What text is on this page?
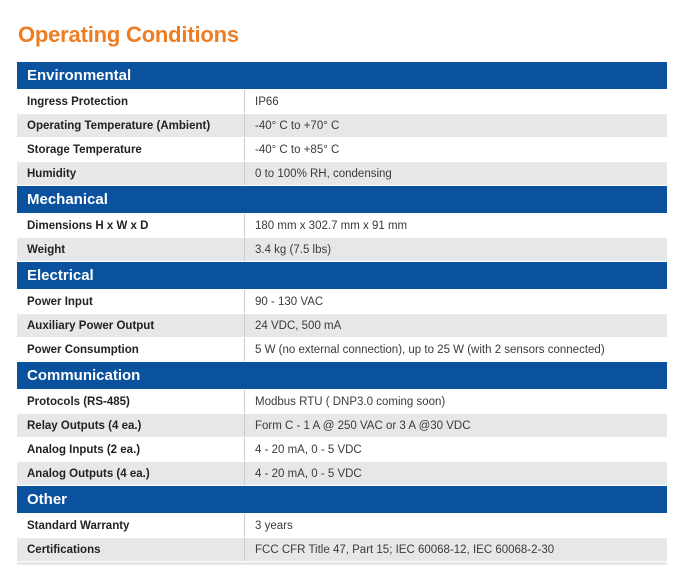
Operating Conditions
Environmental
Ingress Protection	IP66
Operating Temperature (Ambient)	-40° C to +70° C
Storage Temperature	-40° C to +85° C
Humidity	0 to 100% RH, condensing
Mechanical
Dimensions H x W x D	180 mm x 302.7 mm x 91 mm
Weight	3.4 kg (7.5 lbs)
Electrical
Power Input	90 - 130 VAC
Auxiliary Power Output	24 VDC, 500 mA
Power Consumption	5 W (no external connection), up to 25 W (with 2 sensors connected)
Communication
Protocols (RS-485)	Modbus RTU ( DNP3.0 coming soon)
Relay Outputs (4 ea.)	Form C - 1 A @ 250 VAC or 3 A @30 VDC
Analog Inputs (2 ea.)	4 - 20 mA, 0 - 5 VDC
Analog Outputs (4 ea.)	4 - 20 mA, 0 - 5 VDC
Other
Standard Warranty	3 years
Certifications	FCC CFR Title 47, Part 15; IEC 60068-12, IEC 60068-2-30
